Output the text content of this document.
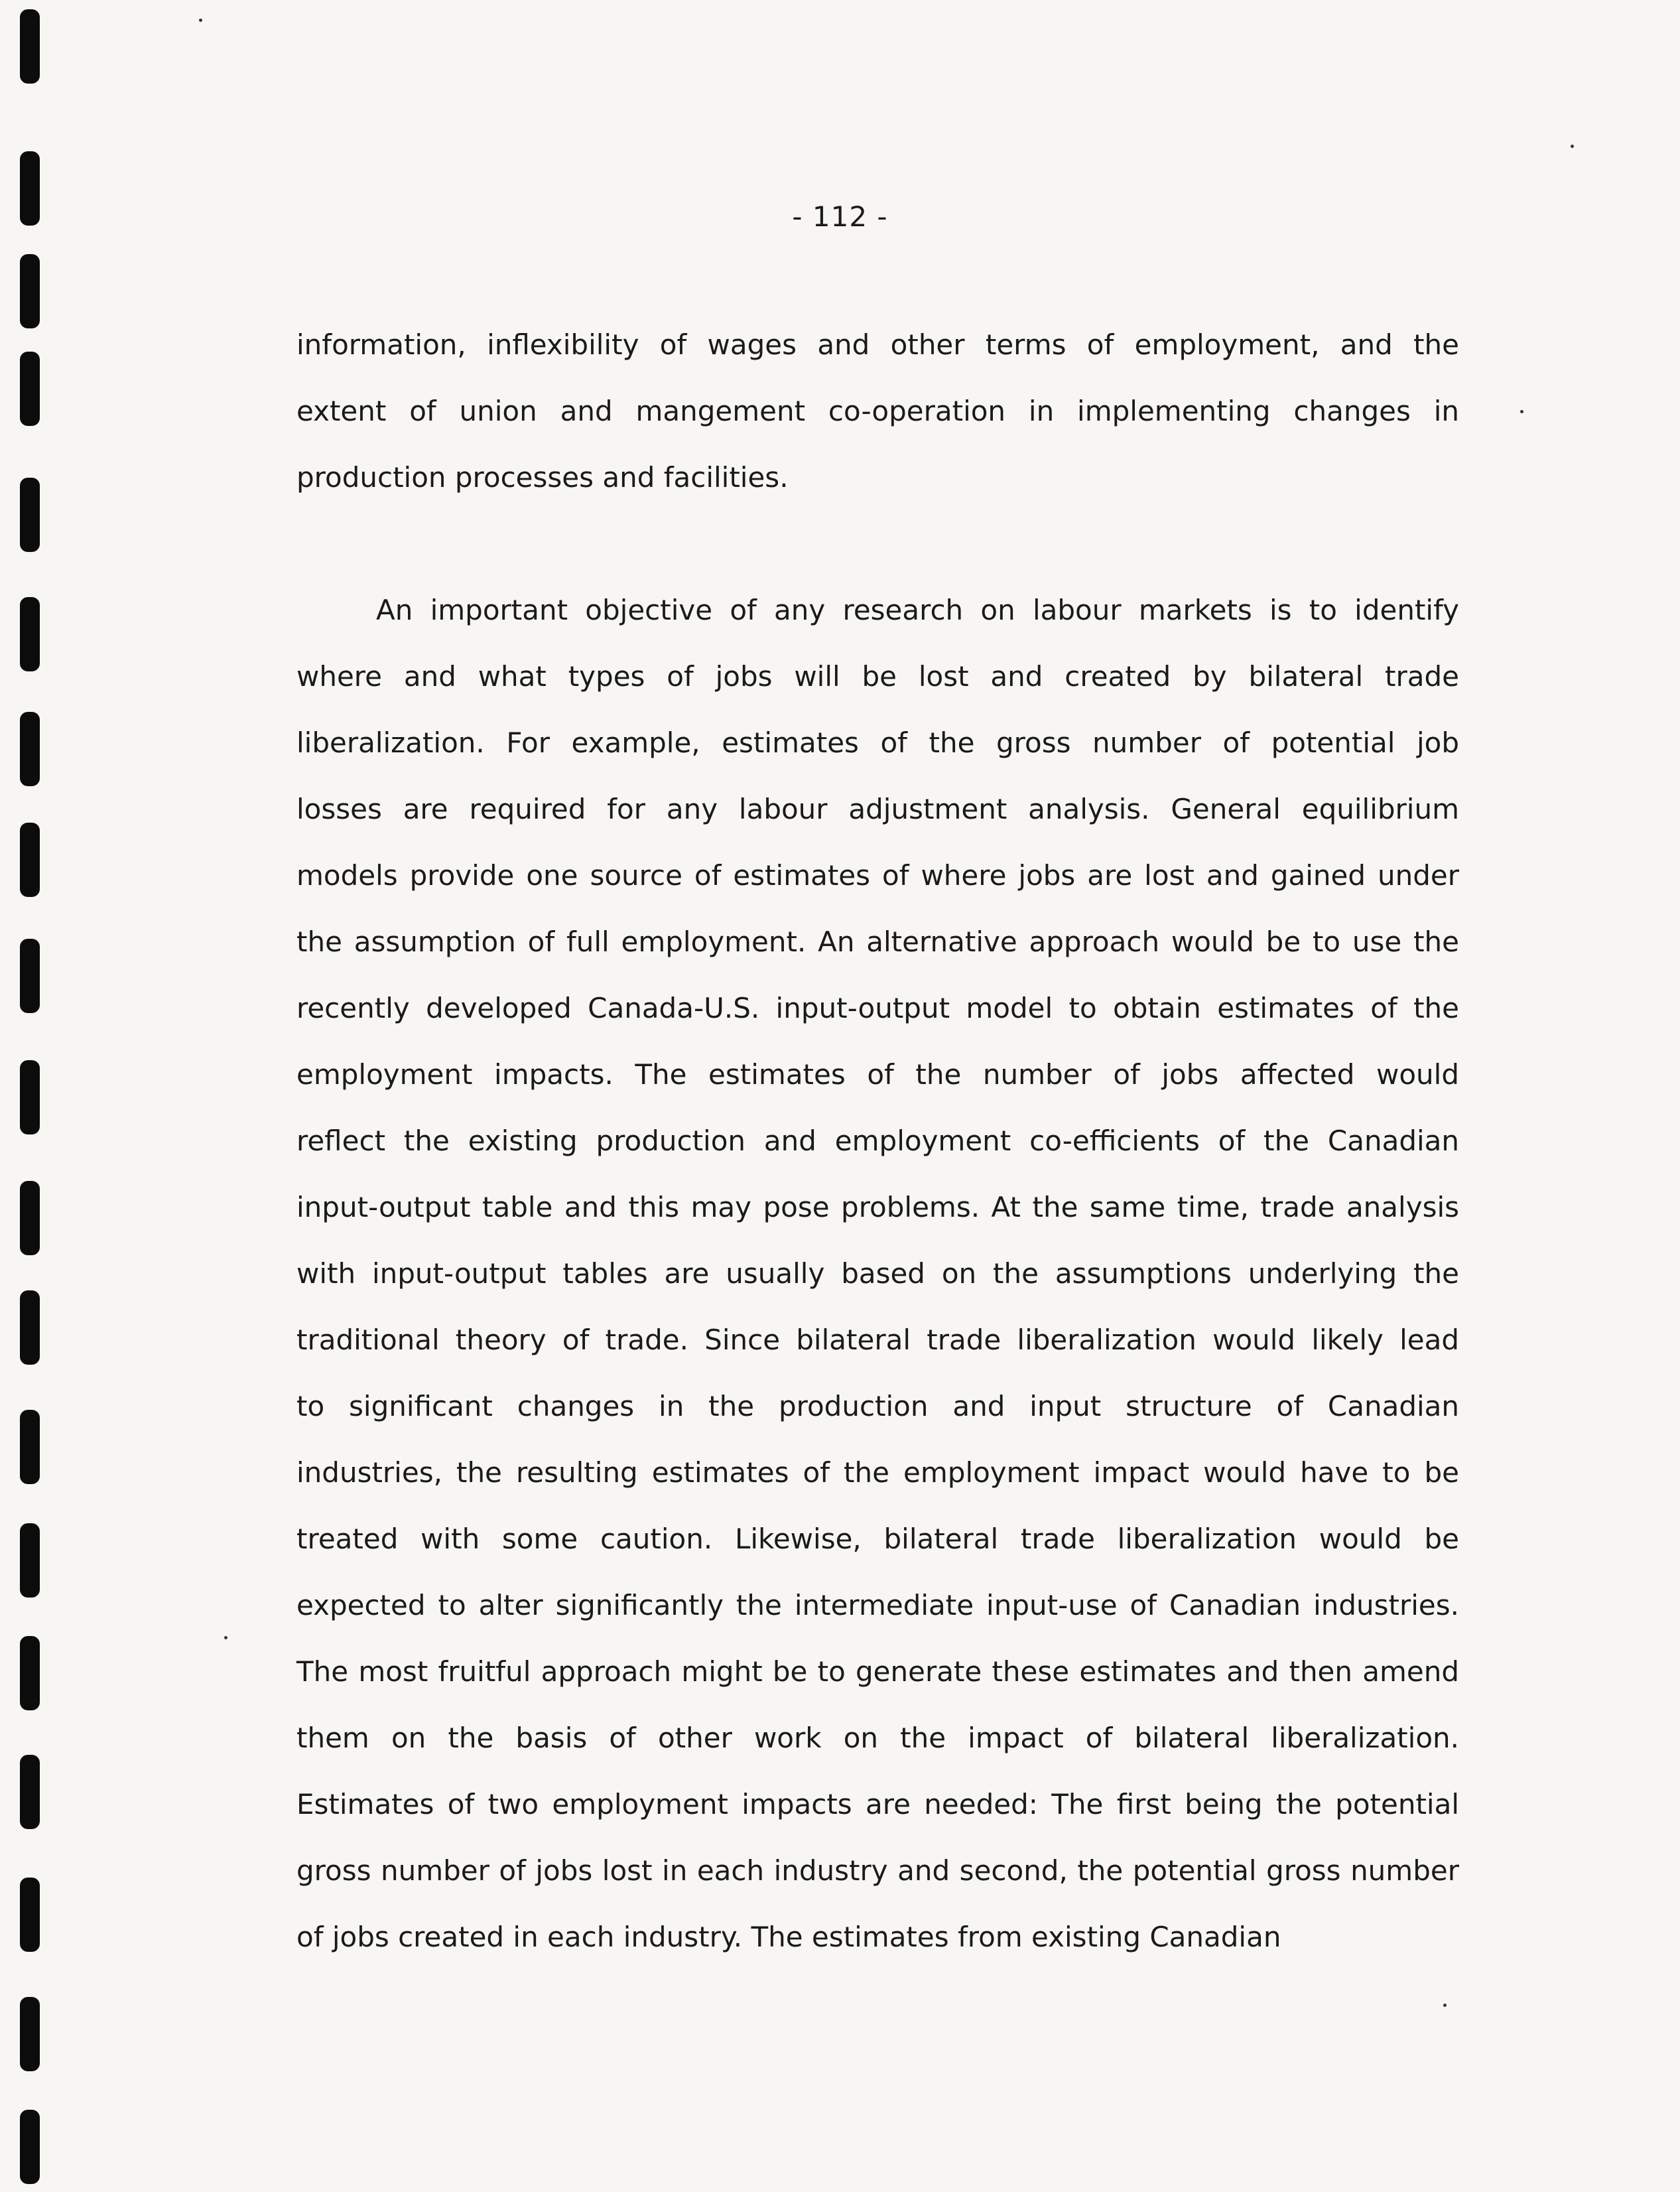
- 112 -
information, inflexibility of wages and other terms of employment, and the
extent of union and mangement co-operation in implementing changes in
production processes and facilities.
An important objective of any research on labour markets is to identify
where and what types of jobs will be lost and created by bilateral trade
liberalization. For example, estimates of the gross number of potential job
losses are required for any labour adjustment analysis. General equilibrium
models provide one source of estimates of where jobs are lost and gained under
the assumption of full employment. An alternative approach would be to use the
recently developed Canada-U.S. input-output model to obtain estimates of the
employment impacts. The estimates of the number of jobs affected would
reflect the existing production and employment co-efficients of the Canadian
input-output table and this may pose problems. At the same time, trade analysis
with input-output tables are usually based on the assumptions underlying the
traditional theory of trade. Since bilateral trade liberalization would likely lead
to significant changes in the production and input structure of Canadian
industries, the resulting estimates of the employment impact would have to be
treated with some caution. Likewise, bilateral trade liberalization would be
expected to alter significantly the intermediate input-use of Canadian industries.
The most fruitful approach might be to generate these estimates and then amend
them on the basis of other work on the impact of bilateral liberalization.
Estimates of two employment impacts are needed: The first being the potential
gross number of jobs lost in each industry and second, the potential gross number
of jobs created in each industry. The estimates from existing Canadian
